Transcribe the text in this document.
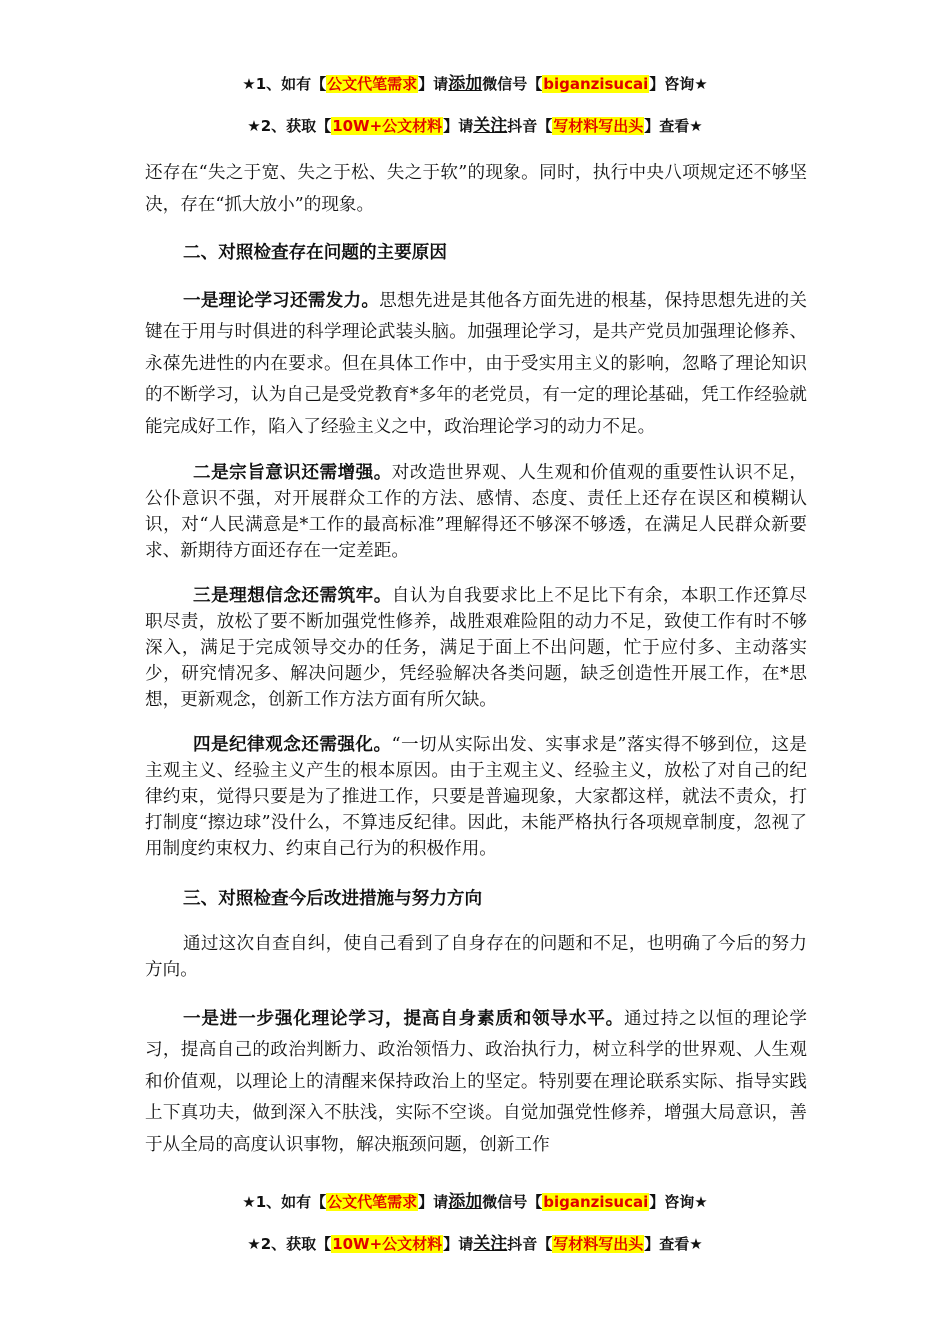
★1、如有【公文代笔需求】请添加微信号【biganzisucai】咨询★
★2、获取【10W+公文材料】请关注抖音【写材料写出头】查看★

还存在“失之于宽、失之于松、失之于软”的现象。同时，执行中央八项规定还不够坚决，存在“抓大放小”的现象。

二、对照检查存在问题的主要原因

一是理论学习还需发力。思想先进是其他各方面先进的根基，保持思想先进的关键在于用与时俱进的科学理论武装头脑。加强理论学习，是共产党员加强理论修养、永葆先进性的内在要求。但在具体工作中，由于受实用主义的影响，忽略了理论知识的不断学习，认为自己是受党教育*多年的老党员，有一定的理论基础，凭工作经验就能完成好工作，陷入了经验主义之中，政治理论学习的动力不足。

二是宗旨意识还需增强。对改造世界观、人生观和价值观的重要性认识不足，公仆意识不强，对开展群众工作的方法、感情、态度、责任上还存在误区和模糊认识，对“人民满意是*工作的最高标准”理解得还不够深不够透，在满足人民群众新要求、新期待方面还存在一定差距。

三是理想信念还需筑牢。自认为自我要求比上不足比下有余，本职工作还算尽职尽责，放松了要不断加强党性修养，战胜艰难险阻的动力不足，致使工作有时不够深入，满足于完成领导交办的任务，满足于面上不出问题，忙于应付多、主动落实少，研究情况多、解决问题少，凭经验解决各类问题，缺乏创造性开展工作，在*思想，更新观念，创新工作方法方面有所欠缺。

四是纪律观念还需强化。“一切从实际出发、实事求是”落实得不够到位，这是主观主义、经验主义产生的根本原因。由于主观主义、经验主义，放松了对自己的纪律约束，觉得只要是为了推进工作，只要是普遍现象，大家都这样，就法不责众，打打制度“擦边球”没什么，不算违反纪律。因此，未能严格执行各项规章制度，忽视了用制度约束权力、约束自己行为的积极作用。

三、对照检查今后改进措施与努力方向

通过这次自查自纠，使自己看到了自身存在的问题和不足，也明确了今后的努力方向。

一是进一步强化理论学习，提高自身素质和领导水平。通过持之以恒的理论学习，提高自己的政治判断力、政治领悟力、政治执行力，树立科学的世界观、人生观和价值观，以理论上的清醒来保持政治上的坚定。特别要在理论联系实际、指导实践上下真功夫，做到深入不肤浅，实际不空谈。自觉加强党性修养，增强大局意识，善于从全局的高度认识事物，解决瓶颈问题，创新工作

★1、如有【公文代笔需求】请添加微信号【biganzisucai】咨询★
★2、获取【10W+公文材料】请关注抖音【写材料写出头】查看★
